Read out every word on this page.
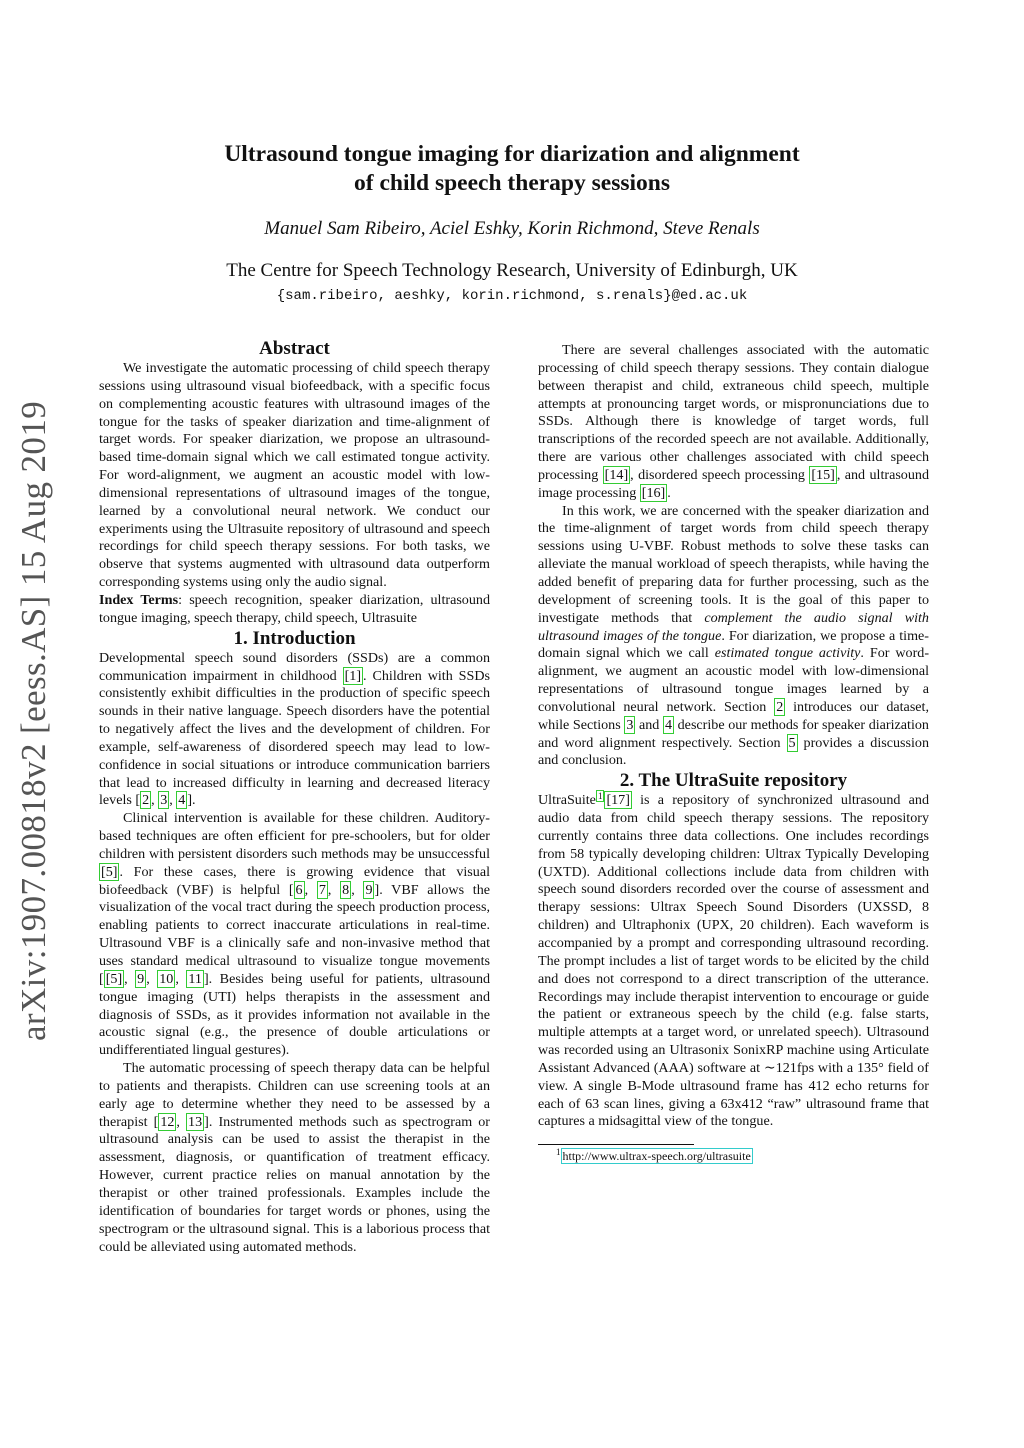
arXiv:1907.00818v2 [eess.AS] 15 Aug 2019
Ultrasound tongue imaging for diarization and alignment
of child speech therapy sessions
Manuel Sam Ribeiro, Aciel Eshky, Korin Richmond, Steve Renals
The Centre for Speech Technology Research, University of Edinburgh, UK
{sam.ribeiro, aeshky, korin.richmond, s.renals}@ed.ac.uk
Abstract

We investigate the automatic processing of child speech therapy sessions using ultrasound visual biofeedback, with a specific focus on complementing acoustic features with ultrasound images of the tongue for the tasks of speaker diarization and time-alignment of target words. For speaker diarization, we propose an ultrasound-based time-domain signal which we call estimated tongue activity. For word-alignment, we augment an acoustic model with low-dimensional representations of ultrasound images of the tongue, learned by a convolutional neural network. We conduct our experiments using the Ultrasuite repository of ultrasound and speech recordings for child speech therapy sessions. For both tasks, we observe that systems augmented with ultrasound data outperform corresponding systems using only the audio signal.

Index Terms: speech recognition, speaker diarization, ultrasound tongue imaging, speech therapy, child speech, Ultrasuite

1. Introduction

Developmental speech sound disorders (SSDs) are a common communication impairment in childhood [1] . Children with SSDs consistently exhibit difficulties in the production of specific speech sounds in their native language. Speech disorders have the potential to negatively affect the lives and the development of children. For example, self-awareness of disordered speech may lead to low-confidence in social situations or introduce communication barriers that lead to increased difficulty in learning and decreased literacy levels [ 2 , 3 , 4 ].

Clinical intervention is available for these children. Auditory-based techniques are often efficient for pre-schoolers, but for older children with persistent disorders such methods may be unsuccessful [5] . For these cases, there is growing evidence that visual biofeedback (VBF) is helpful [ 6 , 7 , 8 , 9 ]. VBF allows the visualization of the vocal tract during the speech production process, enabling patients to correct inaccurate articulations in real-time. Ultrasound VBF is a clinically safe and non-invasive method that uses standard medical ultrasound to visualize tongue movements [ [5] , 9 , 10 , 11 ]. Besides being useful for patients, ultrasound tongue imaging (UTI) helps therapists in the assessment and diagnosis of SSDs, as it provides information not available in the acoustic signal (e.g., the presence of double articulations or undifferentiated lingual gestures).

The automatic processing of speech therapy data can be helpful to patients and therapists. Children can use screening tools at an early age to determine whether they need to be assessed by a therapist [ 12 , 13 ]. Instrumented methods such as spectrogram or ultrasound analysis can be used to assist the therapist in the assessment, diagnosis, or quantification of treatment efficacy. However, current practice relies on manual annotation by the therapist or other trained professionals. Examples include the identification of boundaries for target words or phones, using the spectrogram or the ultrasound signal. This is a laborious process that could be alleviated using automated methods.

There are several challenges associated with the automatic processing of child speech therapy sessions. They contain dialogue between therapist and child, extraneous child speech, multiple attempts at pronouncing target words, or mispronunciations due to SSDs. Although there is knowledge of target words, full transcriptions of the recorded speech are not available. Additionally, there are various other challenges associated with child speech processing [14] , disordered speech processing [15] , and ultrasound image processing [16] .

In this work, we are concerned with the speaker diarization and the time-alignment of target words from child speech therapy sessions using U-VBF. Robust methods to solve these tasks can alleviate the manual workload of speech therapists, while having the added benefit of preparing data for further processing, such as the development of screening tools. It is the goal of this paper to investigate methods that complement the audio signal with ultrasound images of the tongue. For diarization, we propose a time-domain signal which we call estimated tongue activity. For word-alignment, we augment an acoustic model with low-dimensional representations of ultrasound tongue images learned by a convolutional neural network. Section 2 introduces our dataset, while Sections 3 and 4 describe our methods for speaker diarization and word alignment respectively. Section 5 provides a discussion and conclusion.

2. The UltraSuite repository

UltraSuite $^1$ [17] is a repository of synchronized ultrasound and audio data from child speech therapy sessions. The repository currently contains three data collections. One includes recordings from 58 typically developing children: Ultrax Typically Developing (UXTD). Additional collections include data from children with speech sound disorders recorded over the course of assessment and therapy sessions: Ultrax Speech Sound Disorders (UXSSD, 8 children) and Ultraphonix (UPX, 20 children). Each waveform is accompanied by a prompt and corresponding ultrasound recording. The prompt includes a list of target words to be elicited by the child and does not correspond to a direct transcription of the utterance. Recordings may include therapist intervention to encourage or guide the patient or extraneous speech by the child (e.g. false starts, multiple attempts at a target word, or unrelated speech). Ultrasound was recorded using an Ultrasonix SonixRP machine using Articulate Assistant Advanced (AAA) software at ∼121fps with a 135° field of view. A single B-Mode ultrasound frame has 412 echo returns for each of 63 scan lines, giving a 63x412 “raw” ultrasound frame that captures a midsagittal view of the tongue.

$^1$ http://www.ultrax-speech.org/ultrasuite
